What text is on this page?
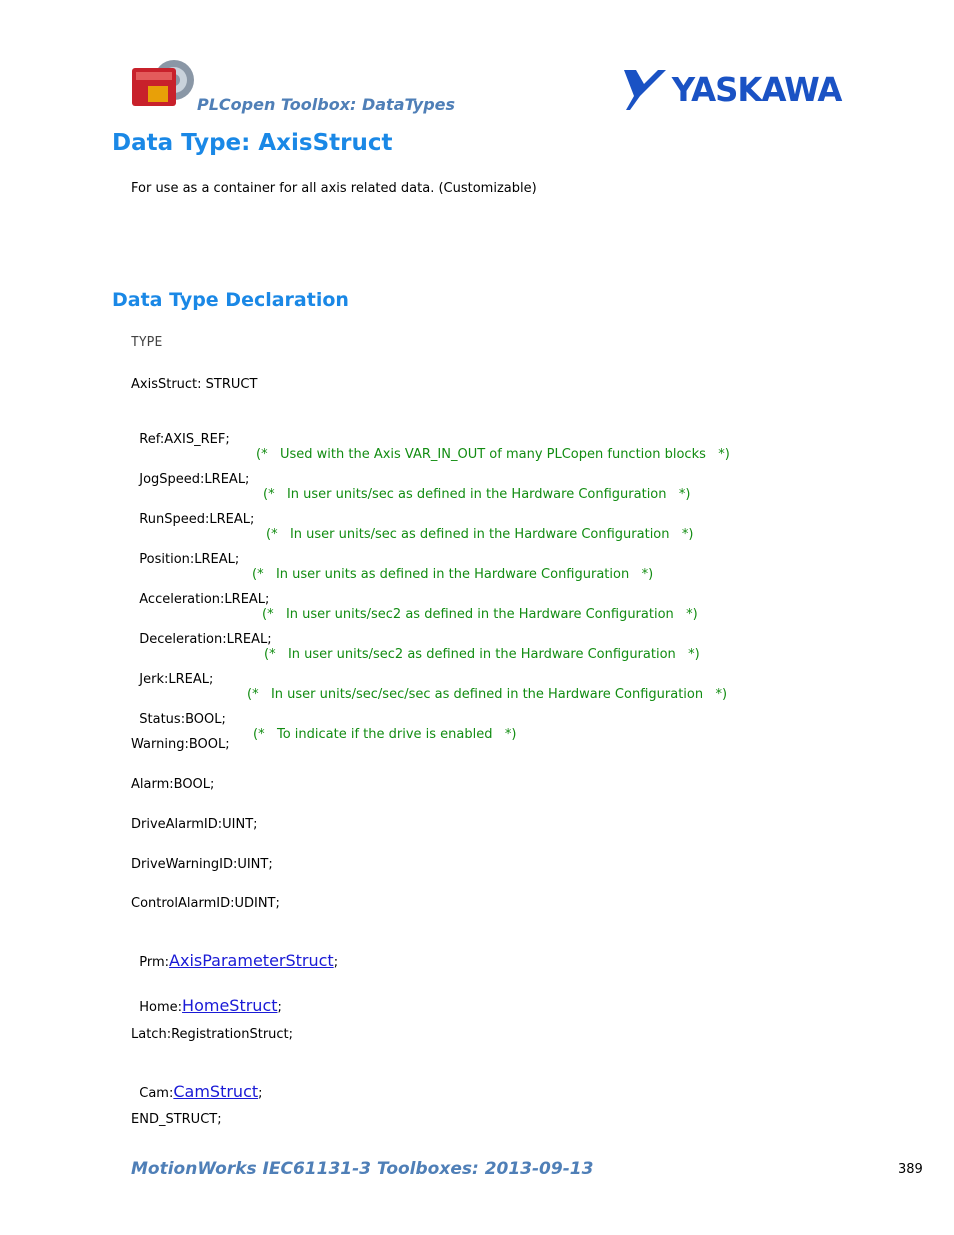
PLCopen Toolbox: DataTypes	YASKAWA
Data Type: AxisStruct
For use as a container for all axis related data. (Customizable)
Data Type Declaration
TYPE
AxisStruct: STRUCT

Ref:AXIS_REF;

(*   Used with the Axis VAR_IN_OUT of many PLCopen function blocks   *)

JogSpeed:LREAL;

(*   In user units/sec as defined in the Hardware Configuration   *)

RunSpeed:LREAL;

(*   In user units/sec as defined in the Hardware Configuration   *)

Position:LREAL;

(*   In user units as defined in the Hardware Configuration   *)

Acceleration:LREAL;

(*   In user units/sec2 as defined in the Hardware Configuration   *)

Deceleration:LREAL;

(*   In user units/sec2 as defined in the Hardware Configuration   *)

Jerk:LREAL;

(*   In user units/sec/sec/sec as defined in the Hardware Configuration   *)

Status:BOOL;

(*   To indicate if the drive is enabled   *)

Warning:BOOL;
Alarm:BOOL;
DriveAlarmID:UINT;
DriveWarningID:UINT;
ControlAlarmID:UDINT;

Prm:AxisParameterStruct;

Home:HomeStruct;

Latch:RegistrationStruct;

Cam:CamStruct;

END_STRUCT;
MotionWorks IEC61131-3 Toolboxes: 2013-09-13	389
